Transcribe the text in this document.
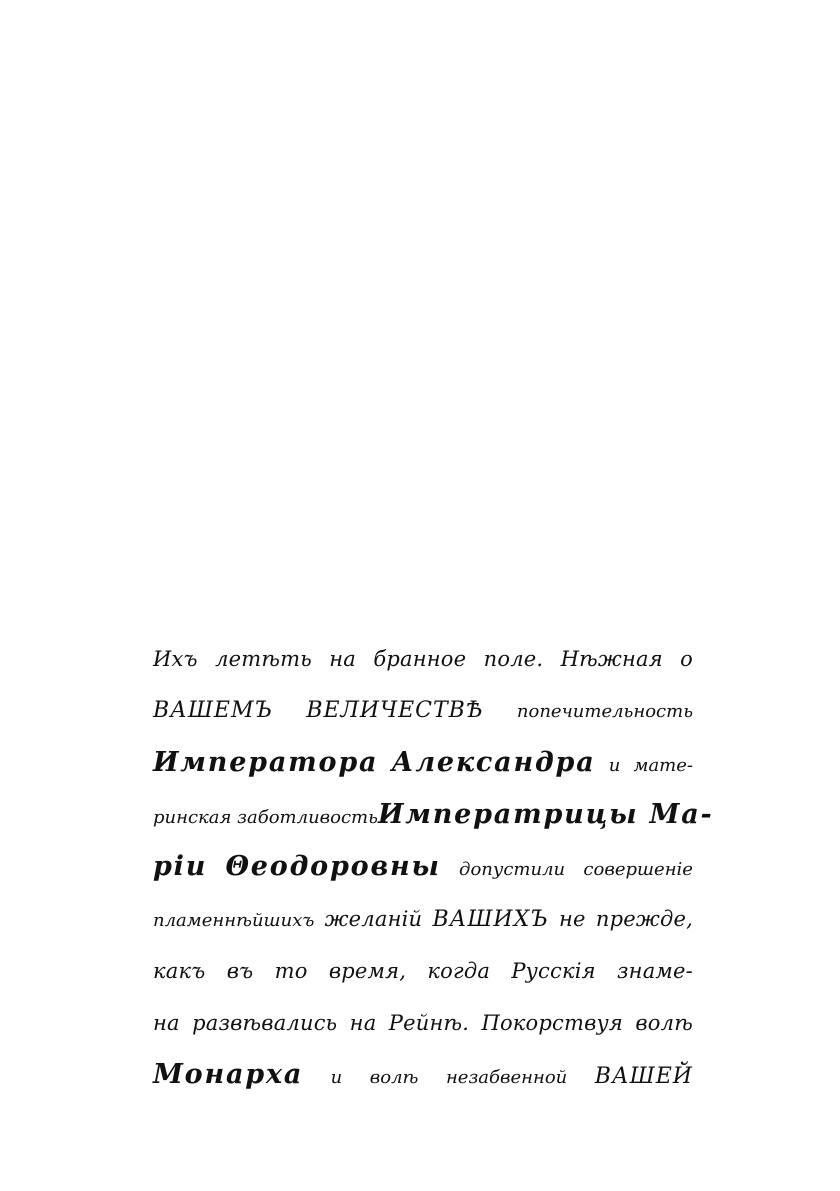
Ихъ летѣть на бранное поле. Нѣжная о
ВАШЕМЪ ВЕЛИЧЕСТВѢ попечительность
Императора Александра и мате-
ринская заботливость Императрицы Ма-
ріи Θеодоровны допустили совершеніе
пламеннѣйшихъ желаній ВАШИХЪ не прежде,
какъ въ то время, когда Русскія знаме-
на развѣвались на Рейнѣ. Покорствуя волѣ
Монарха и волѣ незабвенной ВАШЕЙ
